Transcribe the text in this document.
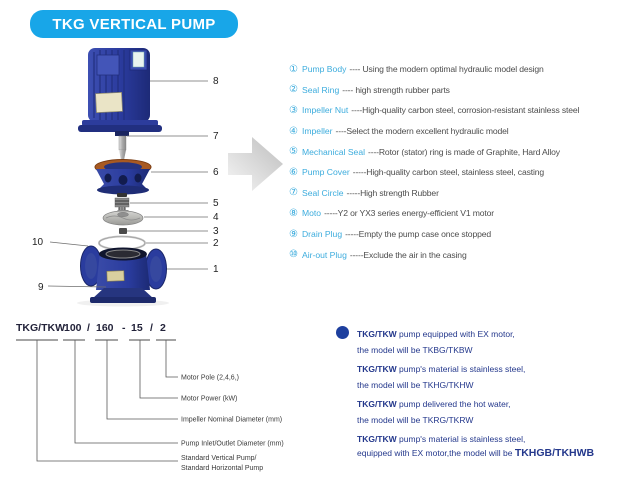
TKG VERTICAL PUMP
8
7
6
5
4
3
2
1
10
9
① Pump Body ---- Using the modern optimal hydraulic model design
② Seal Ring ---- high strength rubber parts
③ Impeller Nut ----High-quality carbon steel, corrosion-resistant stainless steel
④ Impeller ----Select the modern excellent hydraulic model
⑤ Mechanical Seal ----Rotor (stator) ring is made of Graphite, Hard Alloy
⑥ Pump Cover -----High-quality carbon steel, stainless steel, casting
⑦ Seal Circle -----High strength Rubber
⑧ Moto -----Y2 or YX3 series energy-efficient V1 motor
⑨ Drain Plug -----Empty the pump case once stopped
⑩ Air-out Plug -----Exclude the air in the casing
TKG/TKW 100 / 160 - 15 / 2
Motor Pole (2,4,6,)
Motor Power (kW)
Impeller Nominal Diameter (mm)
Pump Inlet/Outlet Diameter (mm)
Standard Vertical Pump/
Standard Horizontal Pump
TKG/TKW pump equipped with EX motor,
the model will be TKBG/TKBW
TKG/TKW pump's material is stainless steel,
the model will be TKHG/TKHW
TKG/TKW pump delivered the hot water,
the model will be TKRG/TKRW
TKG/TKW pump's material is stainless steel,
equipped with EX motor,the model will be TKHGB/TKHWB
